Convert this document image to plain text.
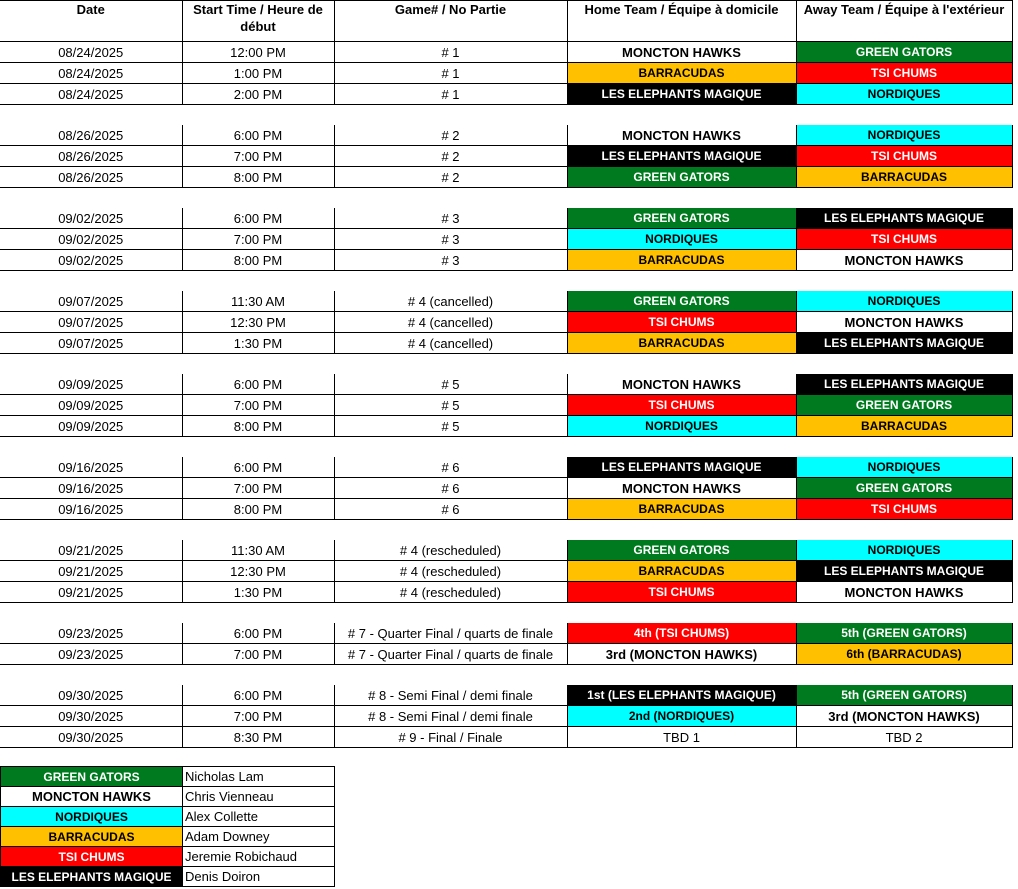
Date	Start Time / Heure de début	Game# / No Partie	Home Team / Équipe à domicile	Away Team / Équipe à l'extérieur
08/24/2025	12:00 PM	# 1	MONCTON HAWKS	GREEN GATORS
08/24/2025	1:00 PM	# 1	BARRACUDAS	TSI CHUMS
08/24/2025	2:00 PM	# 1	LES ELEPHANTS MAGIQUE	NORDIQUES

08/26/2025	6:00 PM	# 2	MONCTON HAWKS	NORDIQUES
08/26/2025	7:00 PM	# 2	LES ELEPHANTS MAGIQUE	TSI CHUMS
08/26/2025	8:00 PM	# 2	GREEN GATORS	BARRACUDAS

09/02/2025	6:00 PM	# 3	GREEN GATORS	LES ELEPHANTS MAGIQUE
09/02/2025	7:00 PM	# 3	NORDIQUES	TSI CHUMS
09/02/2025	8:00 PM	# 3	BARRACUDAS	MONCTON HAWKS

09/07/2025	11:30 AM	# 4 (cancelled)	GREEN GATORS	NORDIQUES
09/07/2025	12:30 PM	# 4 (cancelled)	TSI CHUMS	MONCTON HAWKS
09/07/2025	1:30 PM	# 4 (cancelled)	BARRACUDAS	LES ELEPHANTS MAGIQUE

09/09/2025	6:00 PM	# 5	MONCTON HAWKS	LES ELEPHANTS MAGIQUE
09/09/2025	7:00 PM	# 5	TSI CHUMS	GREEN GATORS
09/09/2025	8:00 PM	# 5	NORDIQUES	BARRACUDAS

09/16/2025	6:00 PM	# 6	LES ELEPHANTS MAGIQUE	NORDIQUES
09/16/2025	7:00 PM	# 6	MONCTON HAWKS	GREEN GATORS
09/16/2025	8:00 PM	# 6	BARRACUDAS	TSI CHUMS

09/21/2025	11:30 AM	# 4 (rescheduled)	GREEN GATORS	NORDIQUES
09/21/2025	12:30 PM	# 4 (rescheduled)	BARRACUDAS	LES ELEPHANTS MAGIQUE
09/21/2025	1:30 PM	# 4 (rescheduled)	TSI CHUMS	MONCTON HAWKS

09/23/2025	6:00 PM	# 7 - Quarter Final / quarts de finale	4th (TSI CHUMS)	5th (GREEN GATORS)
09/23/2025	7:00 PM	# 7 - Quarter Final / quarts de finale	3rd (MONCTON HAWKS)	6th (BARRACUDAS)

09/30/2025	6:00 PM	# 8 - Semi Final / demi finale	1st (LES ELEPHANTS MAGIQUE)	5th (GREEN GATORS)
09/30/2025	7:00 PM	# 8 - Semi Final / demi finale	2nd (NORDIQUES)	3rd (MONCTON HAWKS)
09/30/2025	8:30 PM	# 9 - Final / Finale	TBD 1	TBD 2
GREEN GATORS	Nicholas Lam
MONCTON HAWKS	Chris Vienneau
NORDIQUES	Alex Collette
BARRACUDAS	Adam Downey
TSI CHUMS	Jeremie Robichaud
LES ELEPHANTS MAGIQUE	Denis Doiron
